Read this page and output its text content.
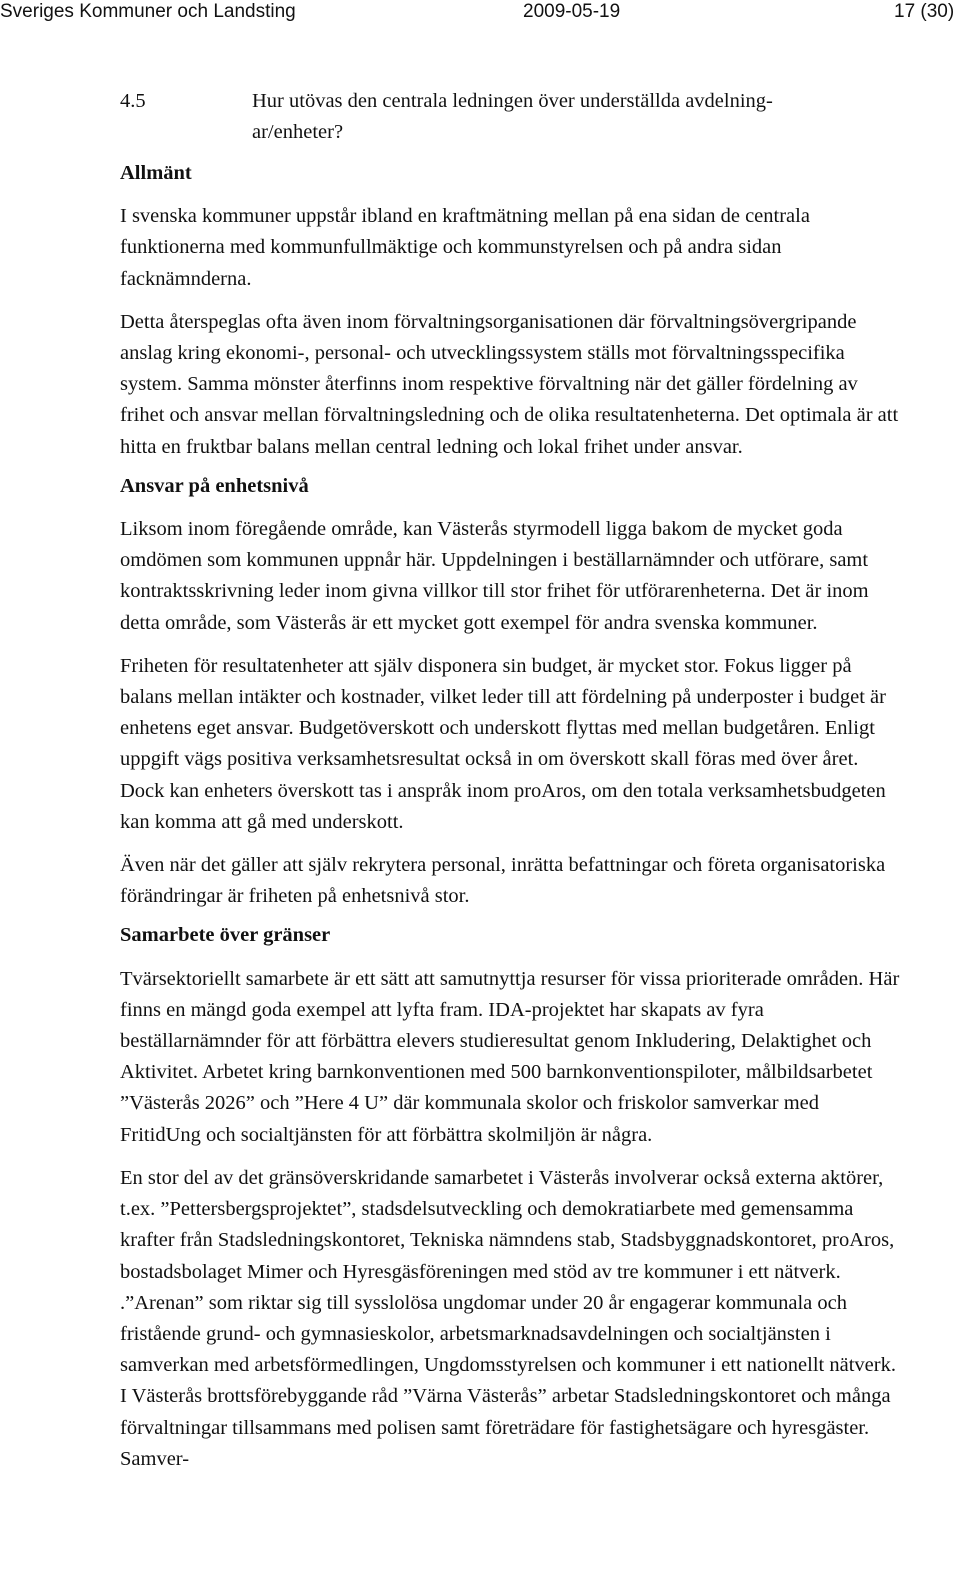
Sveriges Kommuner och Landsting	2009-05-19	17 (30)
4.5	Hur utövas den centrala ledningen över underställda avdelning-ar/enheter?
Allmänt

I svenska kommuner uppstår ibland en kraftmätning mellan på ena sidan de centrala funktionerna med kommunfullmäktige och kommunstyrelsen och på andra sidan facknämnderna.

Detta återspeglas ofta även inom förvaltningsorganisationen där förvaltningsövergripande anslag kring ekonomi-, personal- och utvecklingssystem ställs mot förvaltningsspecifika system. Samma mönster återfinns inom respektive förvaltning när det gäller fördelning av frihet och ansvar mellan förvaltningsledning och de olika resultatenheterna. Det optimala är att hitta en fruktbar balans mellan central ledning och lokal frihet under ansvar.

Ansvar på enhetsnivå

Liksom inom föregående område, kan Västerås styrmodell ligga bakom de mycket goda omdömen som kommunen uppnår här. Uppdelningen i beställarnämnder och utförare, samt kontraktsskrivning leder inom givna villkor till stor frihet för utförarenheterna. Det är inom detta område, som Västerås är ett mycket gott exempel för andra svenska kommuner.

Friheten för resultatenheter att själv disponera sin budget, är mycket stor. Fokus ligger på balans mellan intäkter och kostnader, vilket leder till att fördelning på underposter i budget är enhetens eget ansvar. Budgetöverskott och underskott flyttas med mellan budgetåren. Enligt uppgift vägs positiva verksamhetsresultat också in om överskott skall föras med över året. Dock kan enheters överskott tas i anspråk inom proAros, om den totala verksamhetsbudgeten kan komma att gå med underskott.

Även när det gäller att själv rekrytera personal, inrätta befattningar och företa organisatoriska förändringar är friheten på enhetsnivå stor.

Samarbete över gränser

Tvärsektoriellt samarbete är ett sätt att samutnyttja resurser för vissa prioriterade områden. Här finns en mängd goda exempel att lyfta fram. IDA-projektet har skapats av fyra beställarnämnder för att förbättra elevers studieresultat genom Inkludering, Delaktighet och Aktivitet. Arbetet kring barnkonventionen med 500 barnkonventionspiloter, målbildsarbetet ”Västerås 2026” och ”Here 4 U” där kommunala skolor och friskolor samverkar med FritidUng och socialtjänsten för att förbättra skolmiljön är några.

En stor del av det gränsöverskridande samarbetet i Västerås involverar också externa aktörer, t.ex. ”Pettersbergsprojektet”, stadsdelsutveckling och demokratiarbete med gemensamma krafter från Stadsledningskontoret, Tekniska nämndens stab, Stadsbyggnadskontoret, proAros, bostadsbolaget Mimer och Hyresgäsföreningen med stöd av tre kommuner i ett nätverk. .”Arenan” som riktar sig till sysslolösa ungdomar under 20 år engagerar kommunala och fristående grund- och gymnasieskolor, arbetsmarknadsavdelningen och socialtjänsten i samverkan med arbetsförmedlingen, Ungdomsstyrelsen och kommuner i ett nationellt nätverk. I Västerås brottsförebyggande råd ”Värna Västerås” arbetar Stadsledningskontoret och många förvaltningar tillsammans med polisen samt företrädare för fastighetsägare och hyresgäster. Samver-
